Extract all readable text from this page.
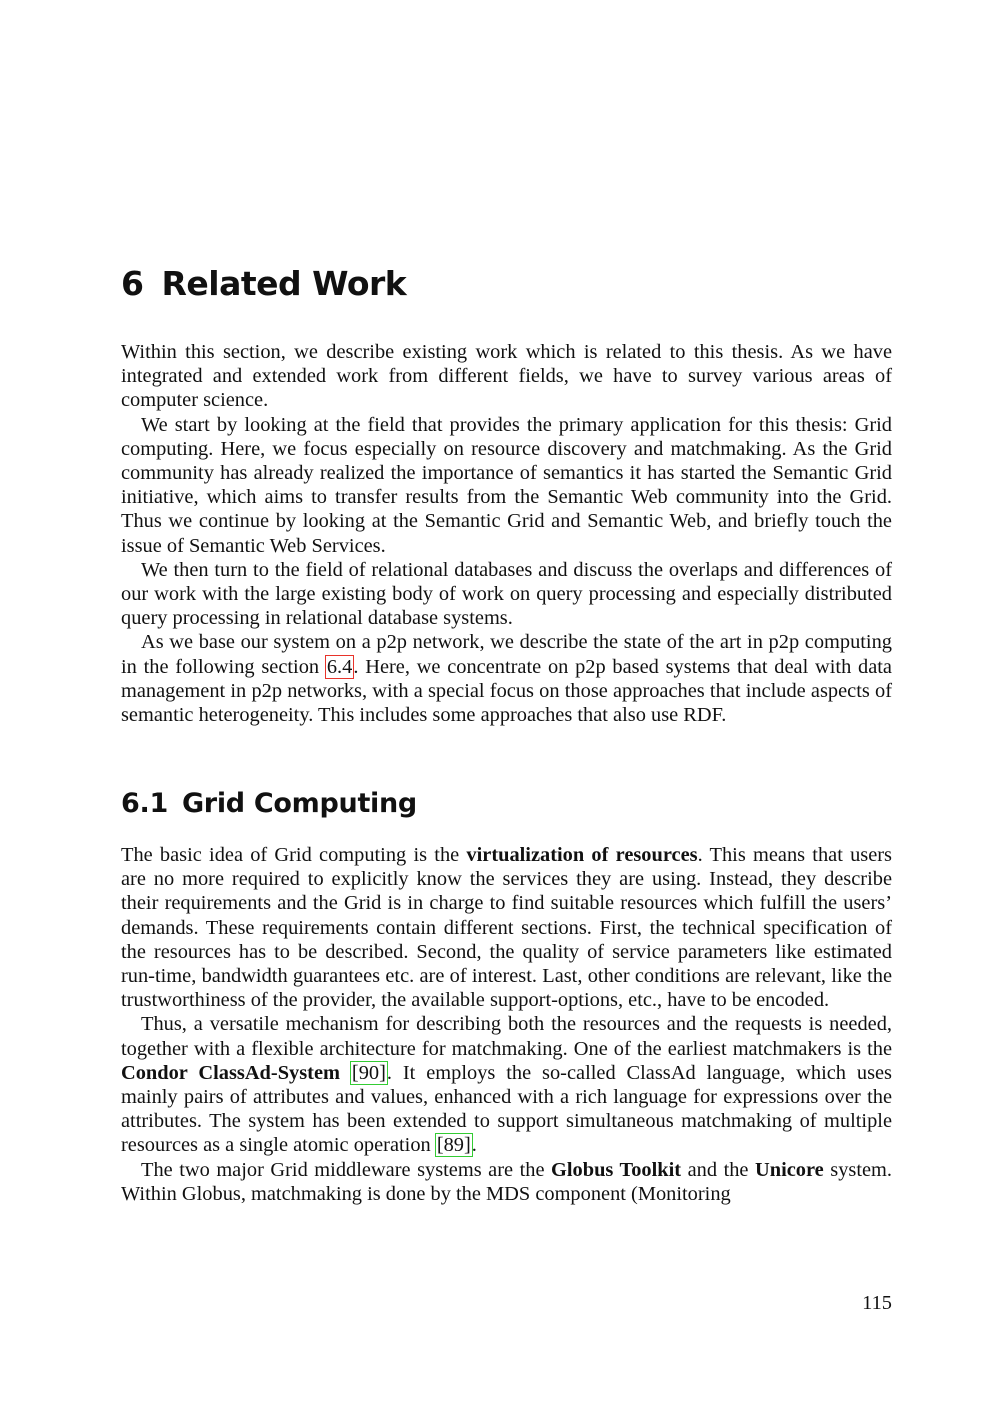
6 Related Work

Within this section, we describe existing work which is related to this thesis. As we have integrated and extended work from different fields, we have to survey various areas of computer science.

We start by looking at the field that provides the primary application for this thesis: Grid computing. Here, we focus especially on resource discovery and matchmaking. As the Grid community has already realized the importance of semantics it has started the Semantic Grid initiative, which aims to transfer results from the Semantic Web community into the Grid. Thus we continue by looking at the Semantic Grid and Semantic Web, and briefly touch the issue of Semantic Web Services.

We then turn to the field of relational databases and discuss the overlaps and differences of our work with the large existing body of work on query processing and especially distributed query processing in relational database systems.

As we base our system on a p2p network, we describe the state of the art in p2p computing in the following section 6.4. Here, we concentrate on p2p based systems that deal with data management in p2p networks, with a special focus on those approaches that include aspects of semantic heterogeneity. This includes some approaches that also use RDF.

6.1 Grid Computing

The basic idea of Grid computing is the virtualization of resources. This means that users are no more required to explicitly know the services they are using. Instead, they describe their requirements and the Grid is in charge to find suitable resources which fulfill the users’ demands. These requirements contain different sections. First, the technical specification of the resources has to be described. Second, the quality of service parameters like estimated run-time, bandwidth guarantees etc. are of interest. Last, other conditions are relevant, like the trustworthiness of the provider, the available support-options, etc., have to be encoded.

Thus, a versatile mechanism for describing both the resources and the requests is needed, together with a flexible architecture for matchmaking. One of the earliest matchmakers is the Condor ClassAd-System [90]. It employs the so-called ClassAd language, which uses mainly pairs of attributes and values, enhanced with a rich language for expressions over the attributes. The system has been extended to support simultaneous matchmaking of multiple resources as a single atomic operation [89].

The two major Grid middleware systems are the Globus Toolkit and the Unicore system. Within Globus, matchmaking is done by the MDS component (Monitoring

115
